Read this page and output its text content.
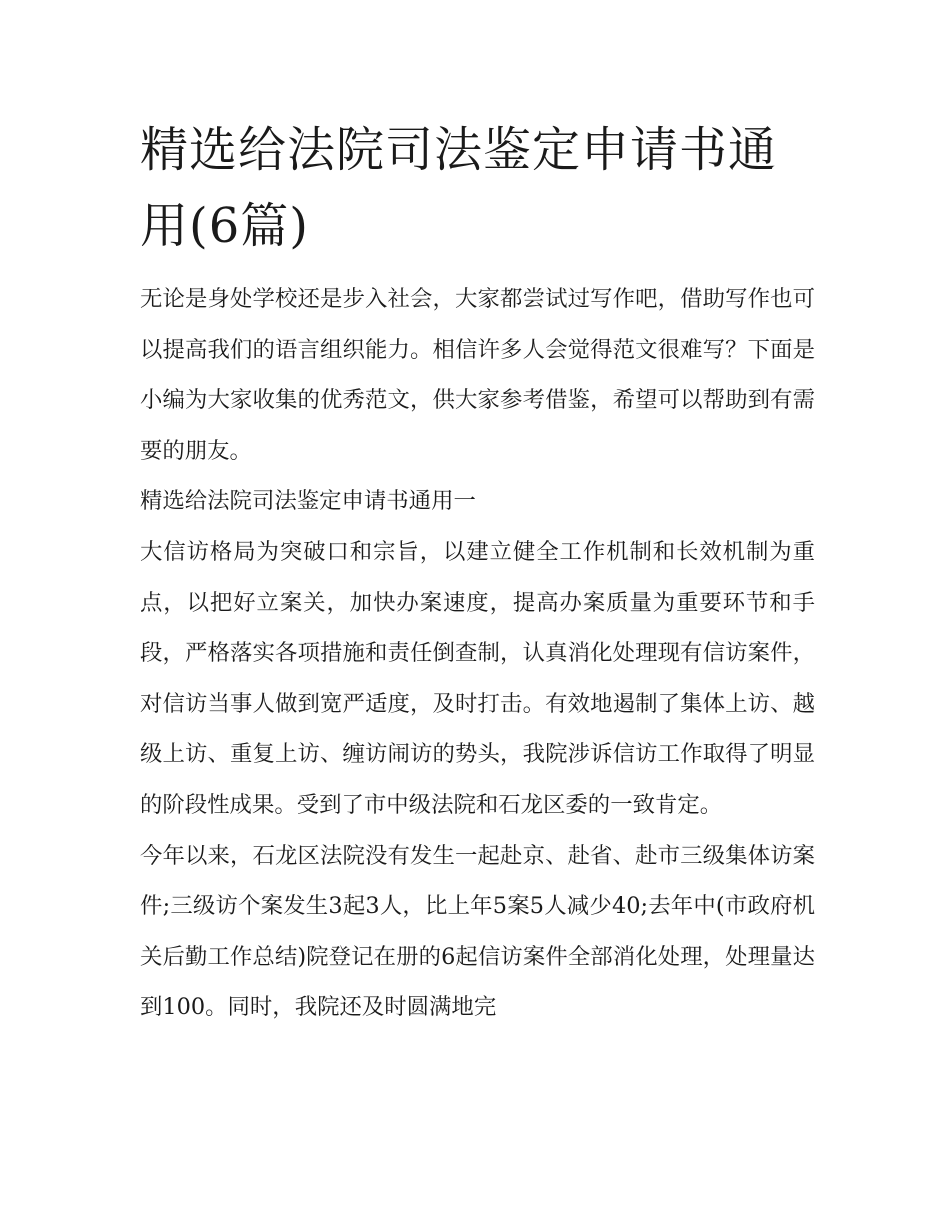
精选给法院司法鉴定申请书通用(6篇)

无论是身处学校还是步入社会，大家都尝试过写作吧，借助写作也可以提高我们的语言组织能力。相信许多人会觉得范文很难写？下面是小编为大家收集的优秀范文，供大家参考借鉴，希望可以帮助到有需要的朋友。

精选给法院司法鉴定申请书通用一

大信访格局为突破口和宗旨，以建立健全工作机制和长效机制为重点，以把好立案关，加快办案速度，提高办案质量为重要环节和手段，严格落实各项措施和责任倒查制，认真消化处理现有信访案件，对信访当事人做到宽严适度，及时打击。有效地遏制了集体上访、越级上访、重复上访、缠访闹访的势头，我院涉诉信访工作取得了明显的阶段性成果。受到了市中级法院和石龙区委的一致肯定。

今年以来，石龙区法院没有发生一起赴京、赴省、赴市三级集体访案件;三级访个案发生3起3人，比上年5案5人减少40;去年中(市政府机关后勤工作总结)院登记在册的6起信访案件全部消化处理，处理量达到100。同时，我院还及时圆满地完
